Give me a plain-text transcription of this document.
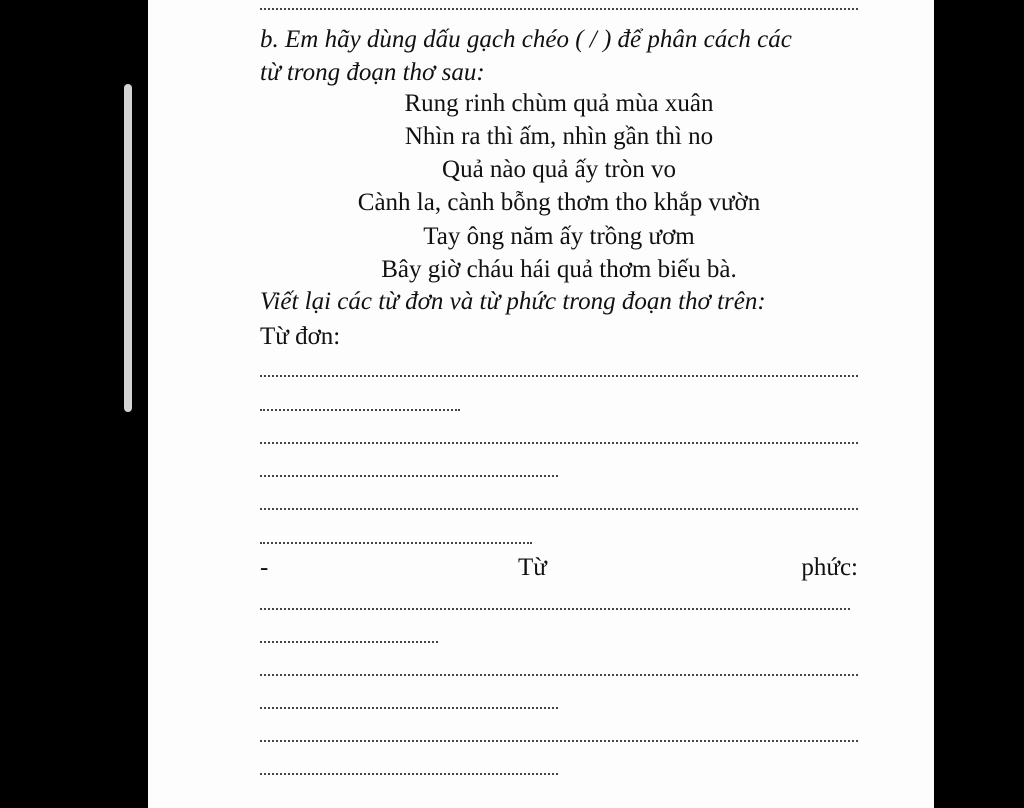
b. Em hãy dùng dấu gạch chéo ( / ) để phân cách các
từ trong đoạn thơ sau:
Rung rinh chùm quả mùa xuân
Nhìn ra thì ấm, nhìn gần thì no
Quả nào quả ấy tròn vo
Cành la, cành bỗng thơm tho khắp vườn
Tay ông năm ấy trồng ươm
Bây giờ cháu hái quả thơm biếu bà.
Viết lại các từ đơn và từ phức trong đoạn thơ trên:
Từ đơn:
-	Từ	phức:
